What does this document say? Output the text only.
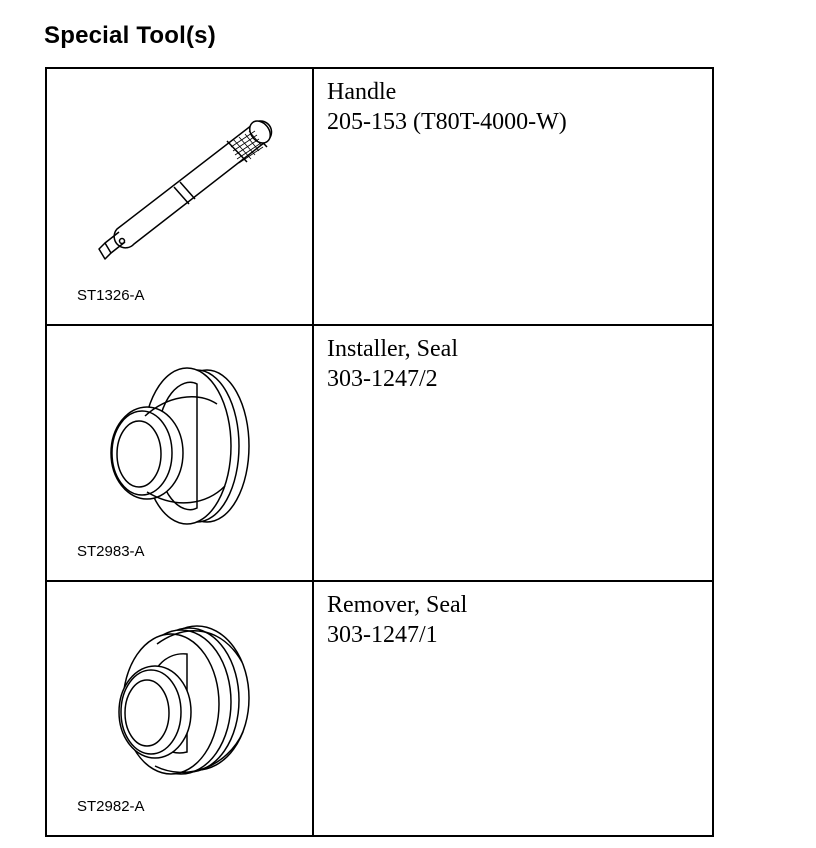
Special Tool(s)
ST1326-A
Handle
205-153 (T80T-4000-W)
ST2983-A
Installer, Seal
303-1247/2
ST2982-A
Remover, Seal
303-1247/1
